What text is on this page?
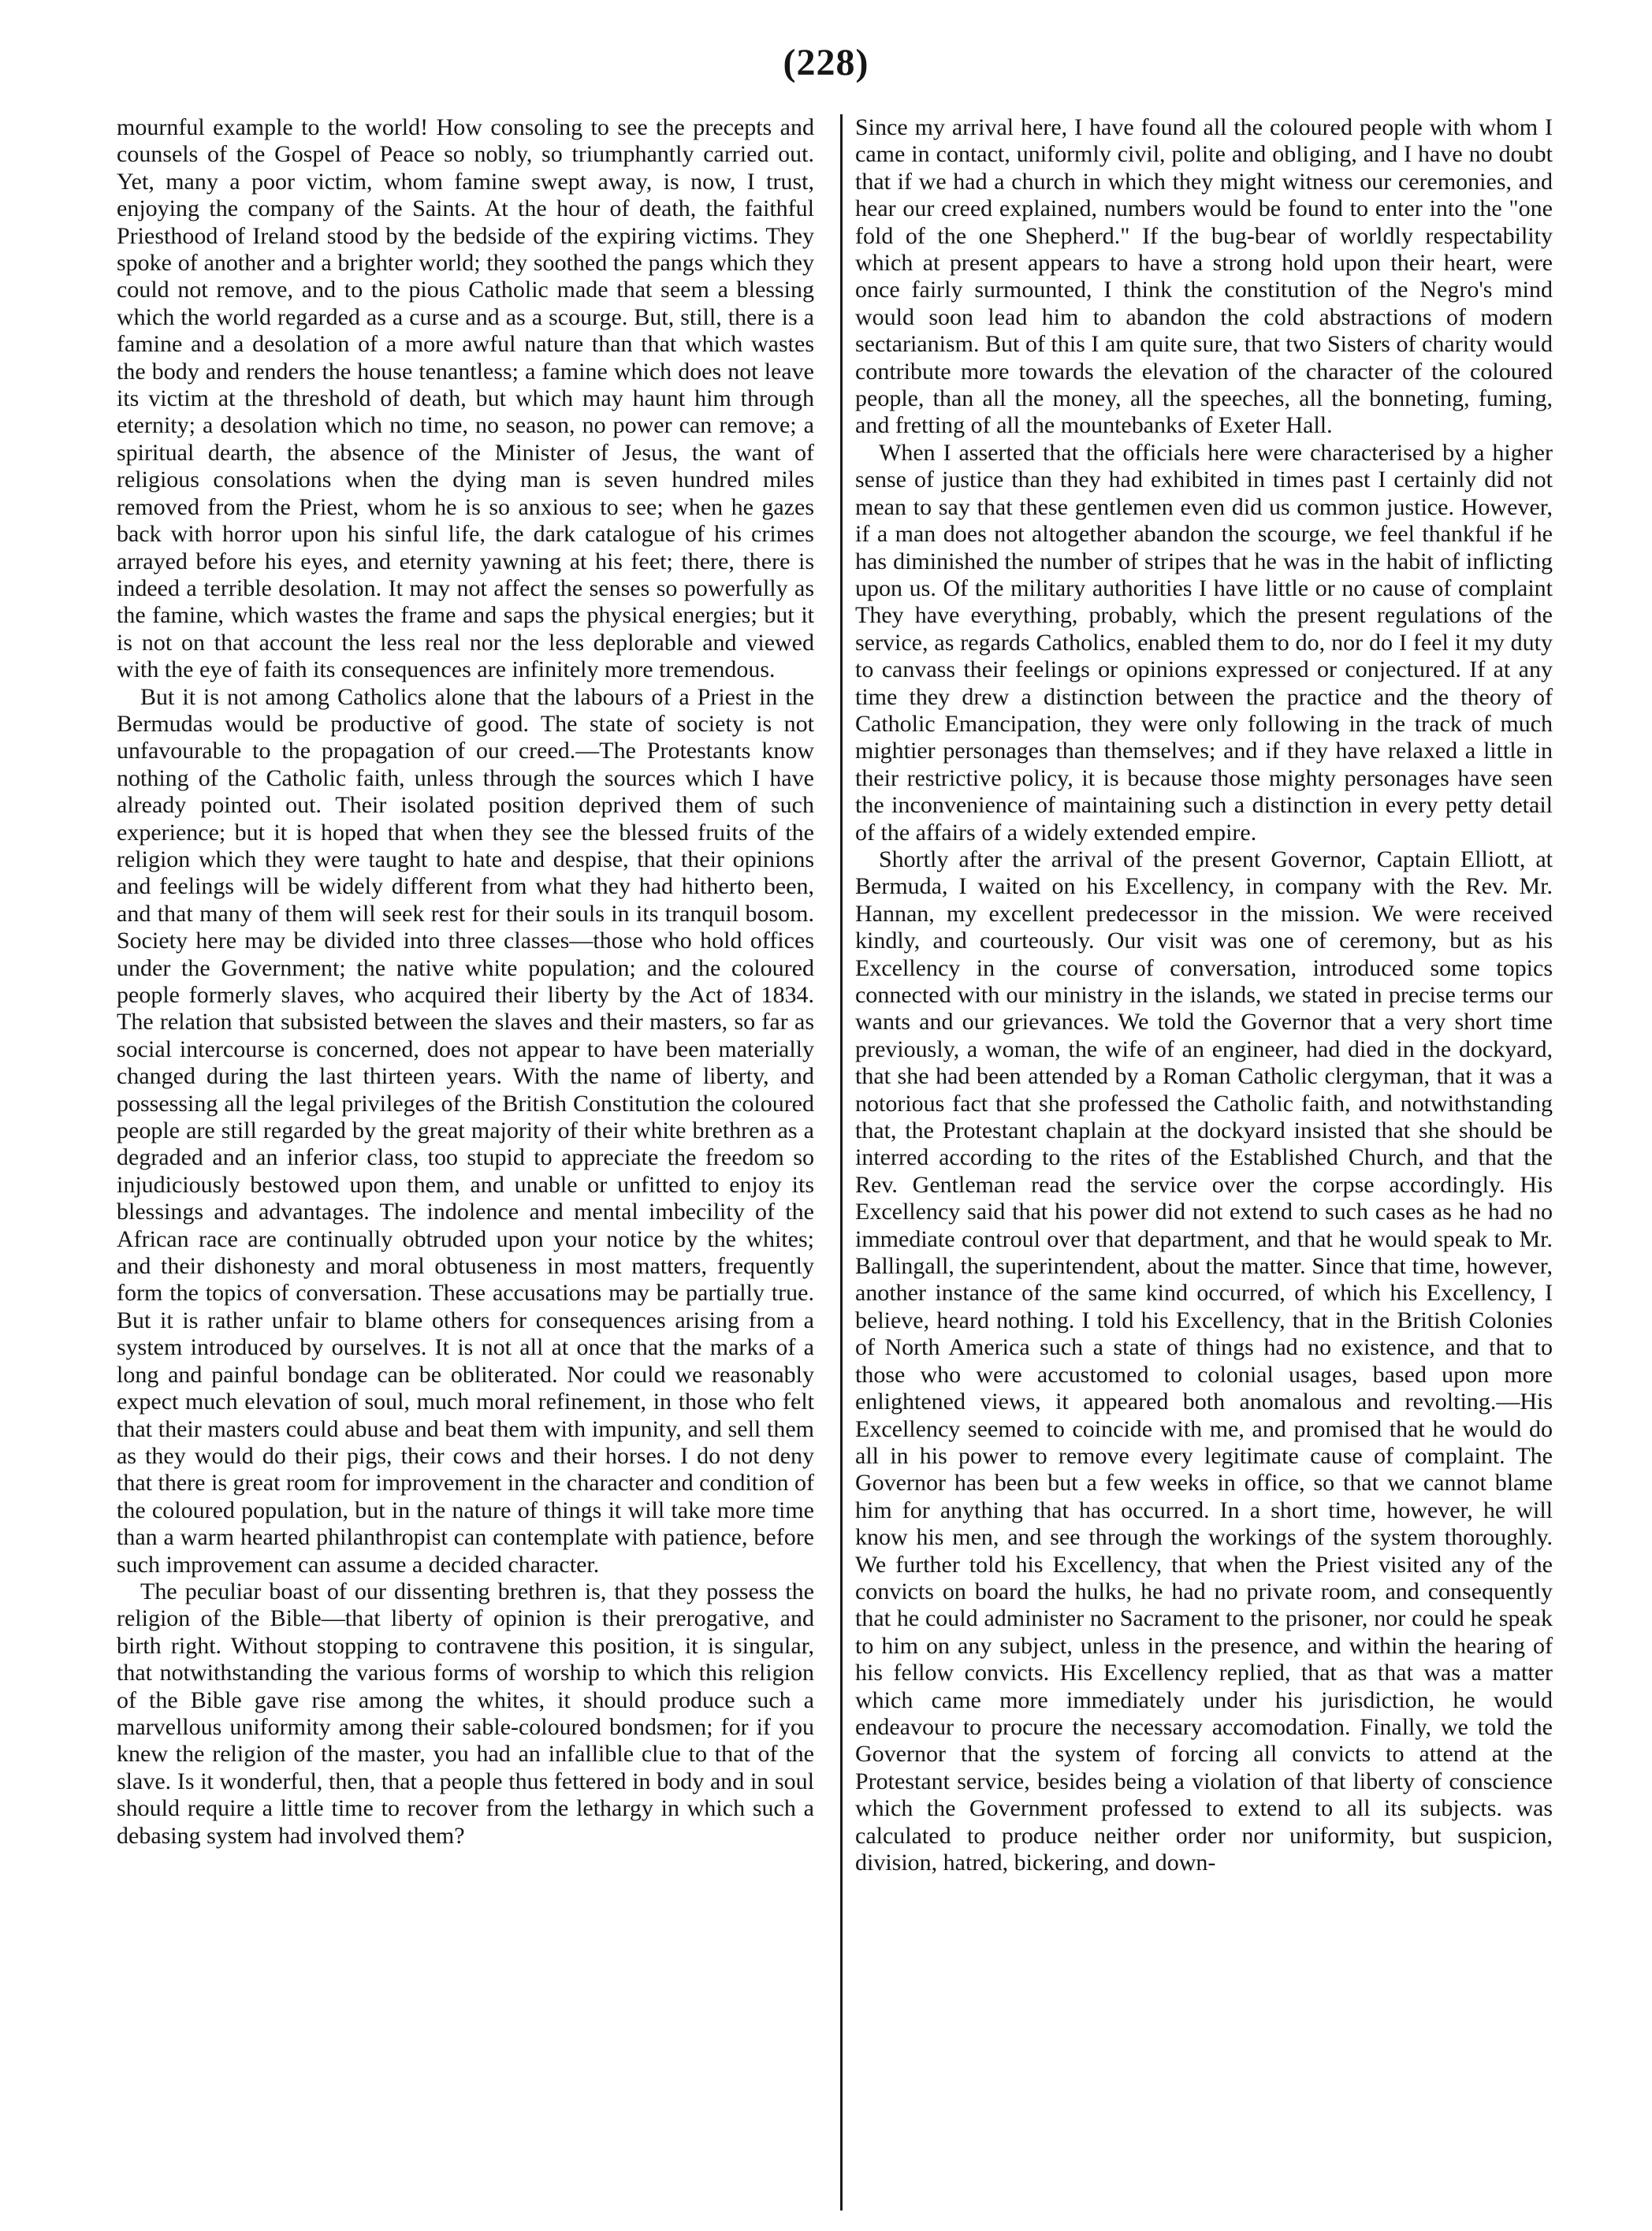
(228)

mournful example to the world! How consoling to see the precepts and counsels of the Gospel of Peace so nobly, so triumphantly carried out. Yet, many a poor victim, whom famine swept away, is now, I trust, enjoying the company of the Saints. At the hour of death, the faithful Priesthood of Ireland stood by the bedside of the expiring victims. They spoke of another and a brighter world; they soothed the pangs which they could not remove, and to the pious Catholic made that seem a blessing which the world regarded as a curse and as a scourge. But, still, there is a famine and a desolation of a more awful nature than that which wastes the body and renders the house tenantless; a famine which does not leave its victim at the threshold of death, but which may haunt him through eternity; a desolation which no time, no season, no power can remove; a spiritual dearth, the absence of the Minister of Jesus, the want of religious consolations when the dying man is seven hundred miles removed from the Priest, whom he is so anxious to see; when he gazes back with horror upon his sinful life, the dark catalogue of his crimes arrayed before his eyes, and eternity yawning at his feet; there, there is indeed a terrible desolation. It may not affect the senses so powerfully as the famine, which wastes the frame and saps the physical energies; but it is not on that account the less real nor the less deplorable and viewed with the eye of faith its consequences are infinitely more tremendous.

But it is not among Catholics alone that the labours of a Priest in the Bermudas would be productive of good. The state of society is not unfavourable to the propagation of our creed.—The Protestants know nothing of the Catholic faith, unless through the sources which I have already pointed out. Their isolated position deprived them of such experience; but it is hoped that when they see the blessed fruits of the religion which they were taught to hate and despise, that their opinions and feelings will be widely different from what they had hitherto been, and that many of them will seek rest for their souls in its tranquil bosom. Society here may be divided into three classes—those who hold offices under the Government; the native white population; and the coloured people formerly slaves, who acquired their liberty by the Act of 1834. The relation that subsisted between the slaves and their masters, so far as social intercourse is concerned, does not appear to have been materially changed during the last thirteen years. With the name of liberty, and possessing all the legal privileges of the British Constitution the coloured people are still regarded by the great majority of their white brethren as a degraded and an inferior class, too stupid to appreciate the freedom so injudiciously bestowed upon them, and unable or unfitted to enjoy its blessings and advantages. The indolence and mental imbecility of the African race are continually obtruded upon your notice by the whites; and their dishonesty and moral obtuseness in most matters, frequently form the topics of conversation. These accusations may be partially true. But it is rather unfair to blame others for consequences arising from a system introduced by ourselves. It is not all at once that the marks of a long and painful bondage can be obliterated. Nor could we reasonably expect much elevation of soul, much moral refinement, in those who felt that their masters could abuse and beat them with impunity, and sell them as they would do their pigs, their cows and their horses. I do not deny that there is great room for improvement in the character and condition of the coloured population, but in the nature of things it will take more time than a warm hearted philanthropist can contemplate with patience, before such improvement can assume a decided character.

The peculiar boast of our dissenting brethren is, that they possess the religion of the Bible—that liberty of opinion is their prerogative, and birth right. Without stopping to contravene this position, it is singular, that notwithstanding the various forms of worship to which this religion of the Bible gave rise among the whites, it should produce such a marvellous uniformity among their sable-coloured bondsmen; for if you knew the religion of the master, you had an infallible clue to that of the slave. Is it wonderful, then, that a people thus fettered in body and in soul should require a little time to recover from the lethargy in which such a debasing system had involved them?

Since my arrival here, I have found all the coloured people with whom I came in contact, uniformly civil, polite and obliging, and I have no doubt that if we had a church in which they might witness our ceremonies, and hear our creed explained, numbers would be found to enter into the "one fold of the one Shepherd." If the bug-bear of worldly respectability which at present appears to have a strong hold upon their heart, were once fairly surmounted, I think the constitution of the Negro's mind would soon lead him to abandon the cold abstractions of modern sectarianism. But of this I am quite sure, that two Sisters of charity would contribute more towards the elevation of the character of the coloured people, than all the money, all the speeches, all the bonneting, fuming, and fretting of all the mountebanks of Exeter Hall.

When I asserted that the officials here were characterised by a higher sense of justice than they had exhibited in times past I certainly did not mean to say that these gentlemen even did us common justice. However, if a man does not altogether abandon the scourge, we feel thankful if he has diminished the number of stripes that he was in the habit of inflicting upon us. Of the military authorities I have little or no cause of complaint They have everything, probably, which the present regulations of the service, as regards Catholics, enabled them to do, nor do I feel it my duty to canvass their feelings or opinions expressed or conjectured. If at any time they drew a distinction between the practice and the theory of Catholic Emancipation, they were only following in the track of much mightier personages than themselves; and if they have relaxed a little in their restrictive policy, it is because those mighty personages have seen the inconvenience of maintaining such a distinction in every petty detail of the affairs of a widely extended empire.

Shortly after the arrival of the present Governor, Captain Elliott, at Bermuda, I waited on his Excellency, in company with the Rev. Mr. Hannan, my excellent predecessor in the mission. We were received kindly, and courteously. Our visit was one of ceremony, but as his Excellency in the course of conversation, introduced some topics connected with our ministry in the islands, we stated in precise terms our wants and our grievances. We told the Governor that a very short time previously, a woman, the wife of an engineer, had died in the dockyard, that she had been attended by a Roman Catholic clergyman, that it was a notorious fact that she professed the Catholic faith, and notwithstanding that, the Protestant chaplain at the dockyard insisted that she should be interred according to the rites of the Established Church, and that the Rev. Gentleman read the service over the corpse accordingly. His Excellency said that his power did not extend to such cases as he had no immediate controul over that department, and that he would speak to Mr. Ballingall, the superintendent, about the matter. Since that time, however, another instance of the same kind occurred, of which his Excellency, I believe, heard nothing. I told his Excellency, that in the British Colonies of North America such a state of things had no existence, and that to those who were accustomed to colonial usages, based upon more enlightened views, it appeared both anomalous and revolting.—His Excellency seemed to coincide with me, and promised that he would do all in his power to remove every legitimate cause of complaint. The Governor has been but a few weeks in office, so that we cannot blame him for anything that has occurred. In a short time, however, he will know his men, and see through the workings of the system thoroughly. We further told his Excellency, that when the Priest visited any of the convicts on board the hulks, he had no private room, and consequently that he could administer no Sacrament to the prisoner, nor could he speak to him on any subject, unless in the presence, and within the hearing of his fellow convicts. His Excellency replied, that as that was a matter which came more immediately under his jurisdiction, he would endeavour to procure the necessary accomodation. Finally, we told the Governor that the system of forcing all convicts to attend at the Protestant service, besides being a violation of that liberty of conscience which the Government professed to extend to all its subjects. was calculated to produce neither order nor uniformity, but suspicion, division, hatred, bickering, and down-
